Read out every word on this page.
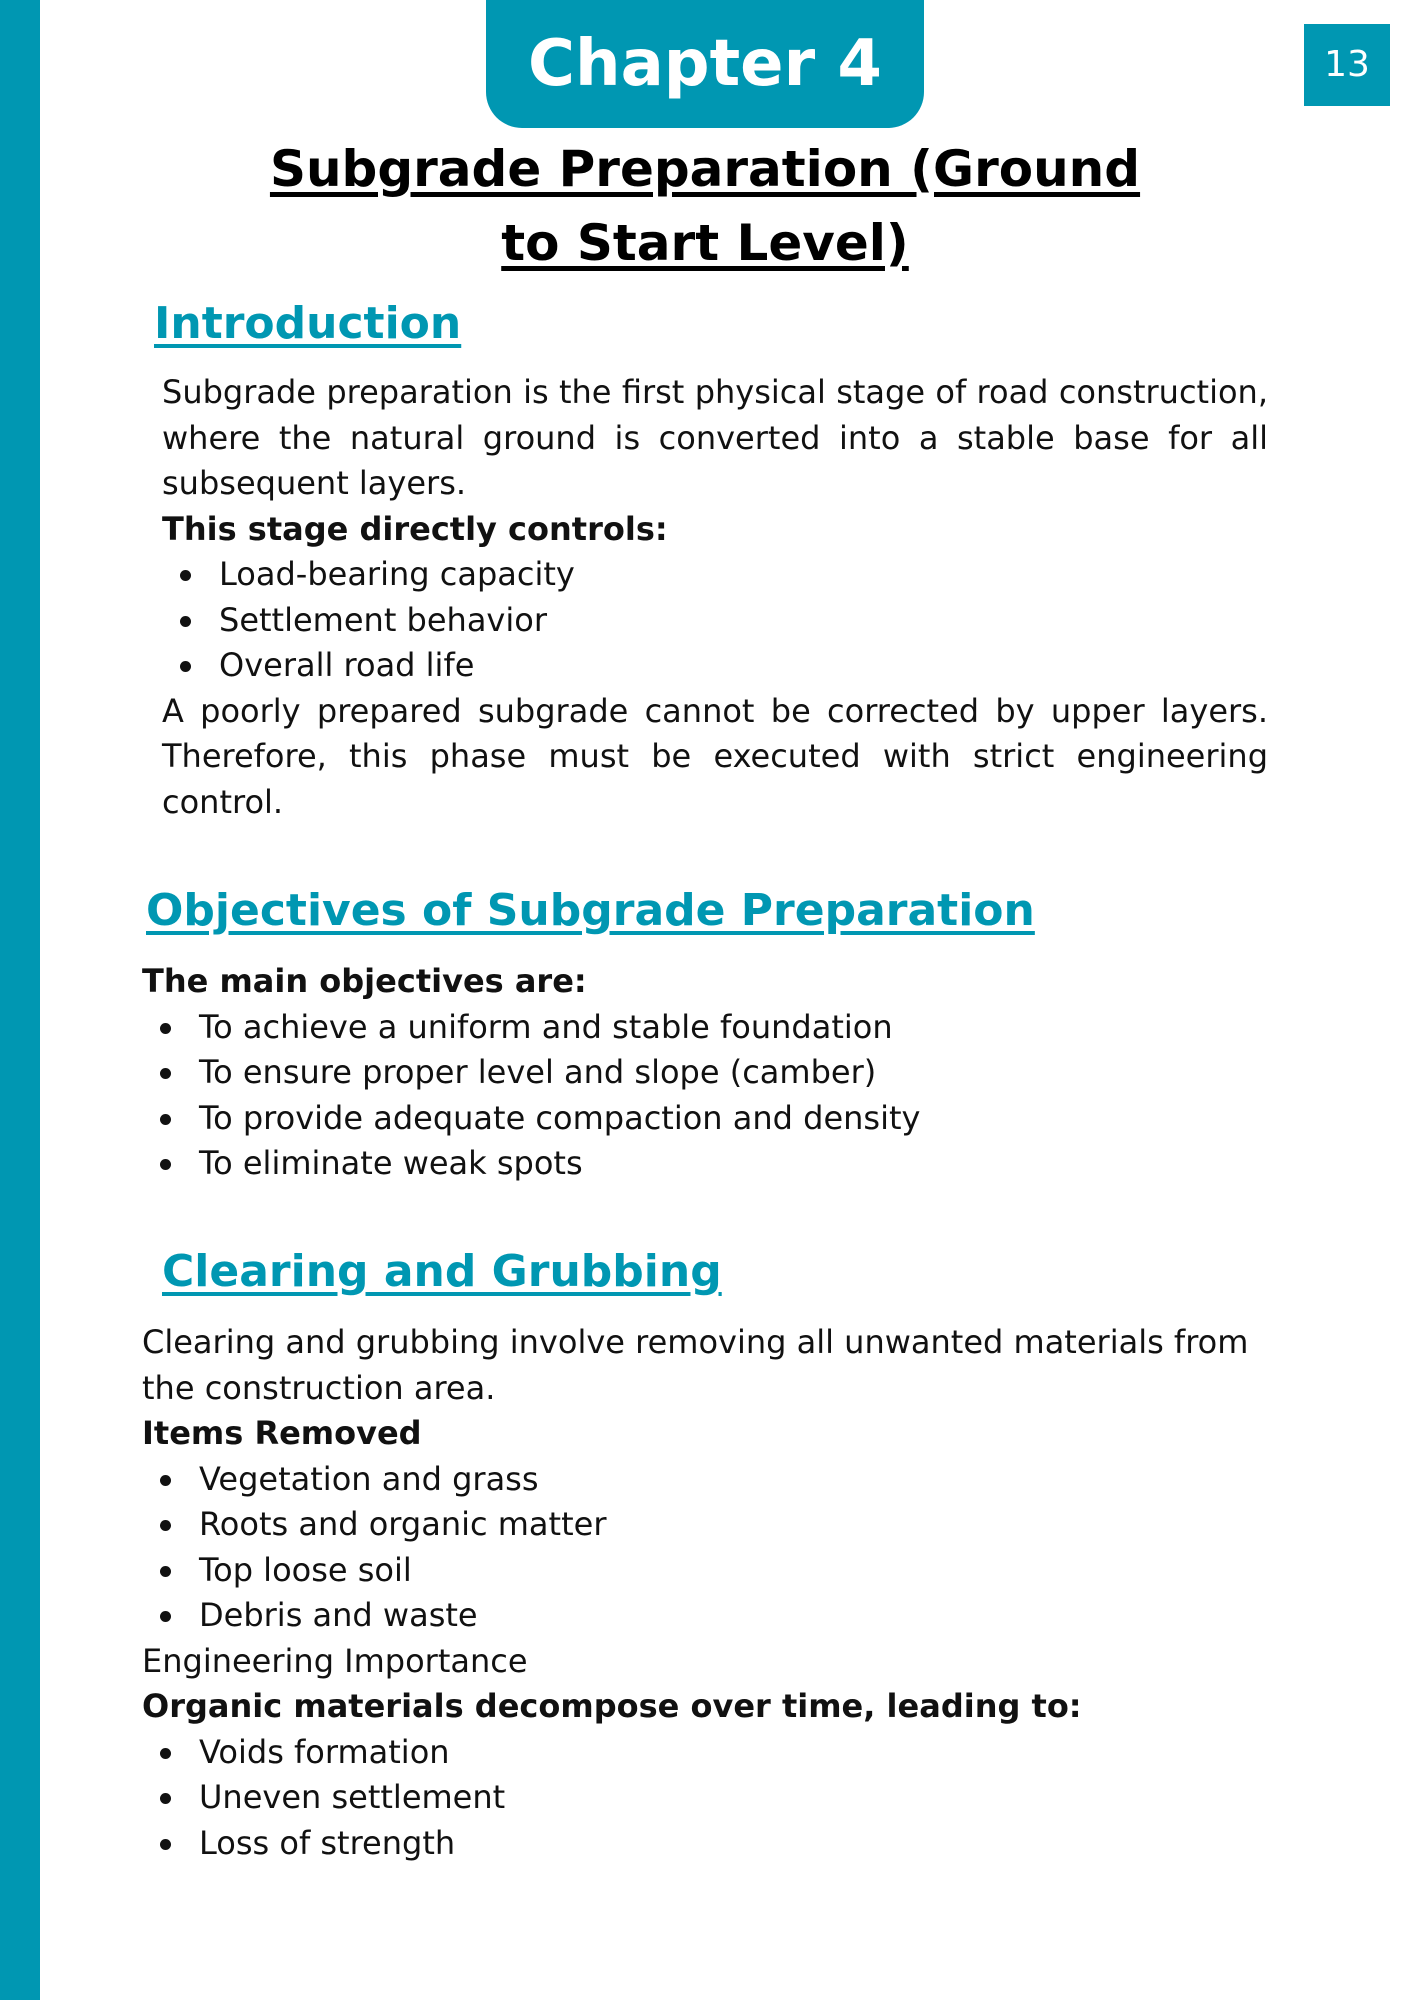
Chapter 4	13
Subgrade Preparation (Ground
to Start Level)
Introduction

Subgrade preparation is the first physical stage of road construction, where the natural ground is converted into a stable base for all subsequent layers.

This stage directly controls:

Load-bearing capacity
Settlement behavior
Overall road life

A poorly prepared subgrade cannot be corrected by upper layers. Therefore, this phase must be executed with strict engineering control.

Objectives of Subgrade Preparation

The main objectives are:

To achieve a uniform and stable foundation
To ensure proper level and slope (camber)
To provide adequate compaction and density
To eliminate weak spots
Clearing and Grubbing

Clearing and grubbing involve removing all unwanted materials from the construction area.

Items Removed

Vegetation and grass
Roots and organic matter
Top loose soil
Debris and waste

Engineering Importance

Organic materials decompose over time, leading to:

Voids formation
Uneven settlement
Loss of strength
